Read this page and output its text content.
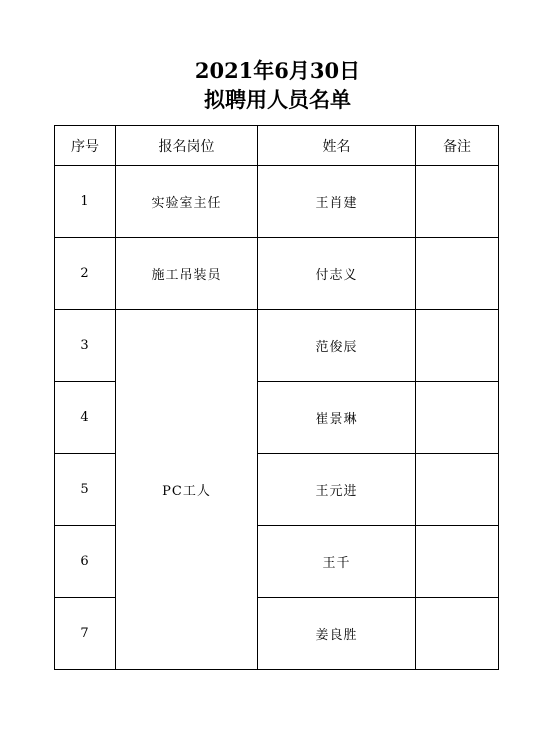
2021年6月30日
拟聘用人员名单
序号	报名岗位	姓名	备注
1	实验室主任	王肖建	
2	施工吊装员	付志义	
3	PC工人	范俊辰	
4		崔景琳	
5		王元进	
6		王千	
7		姜良胜	
